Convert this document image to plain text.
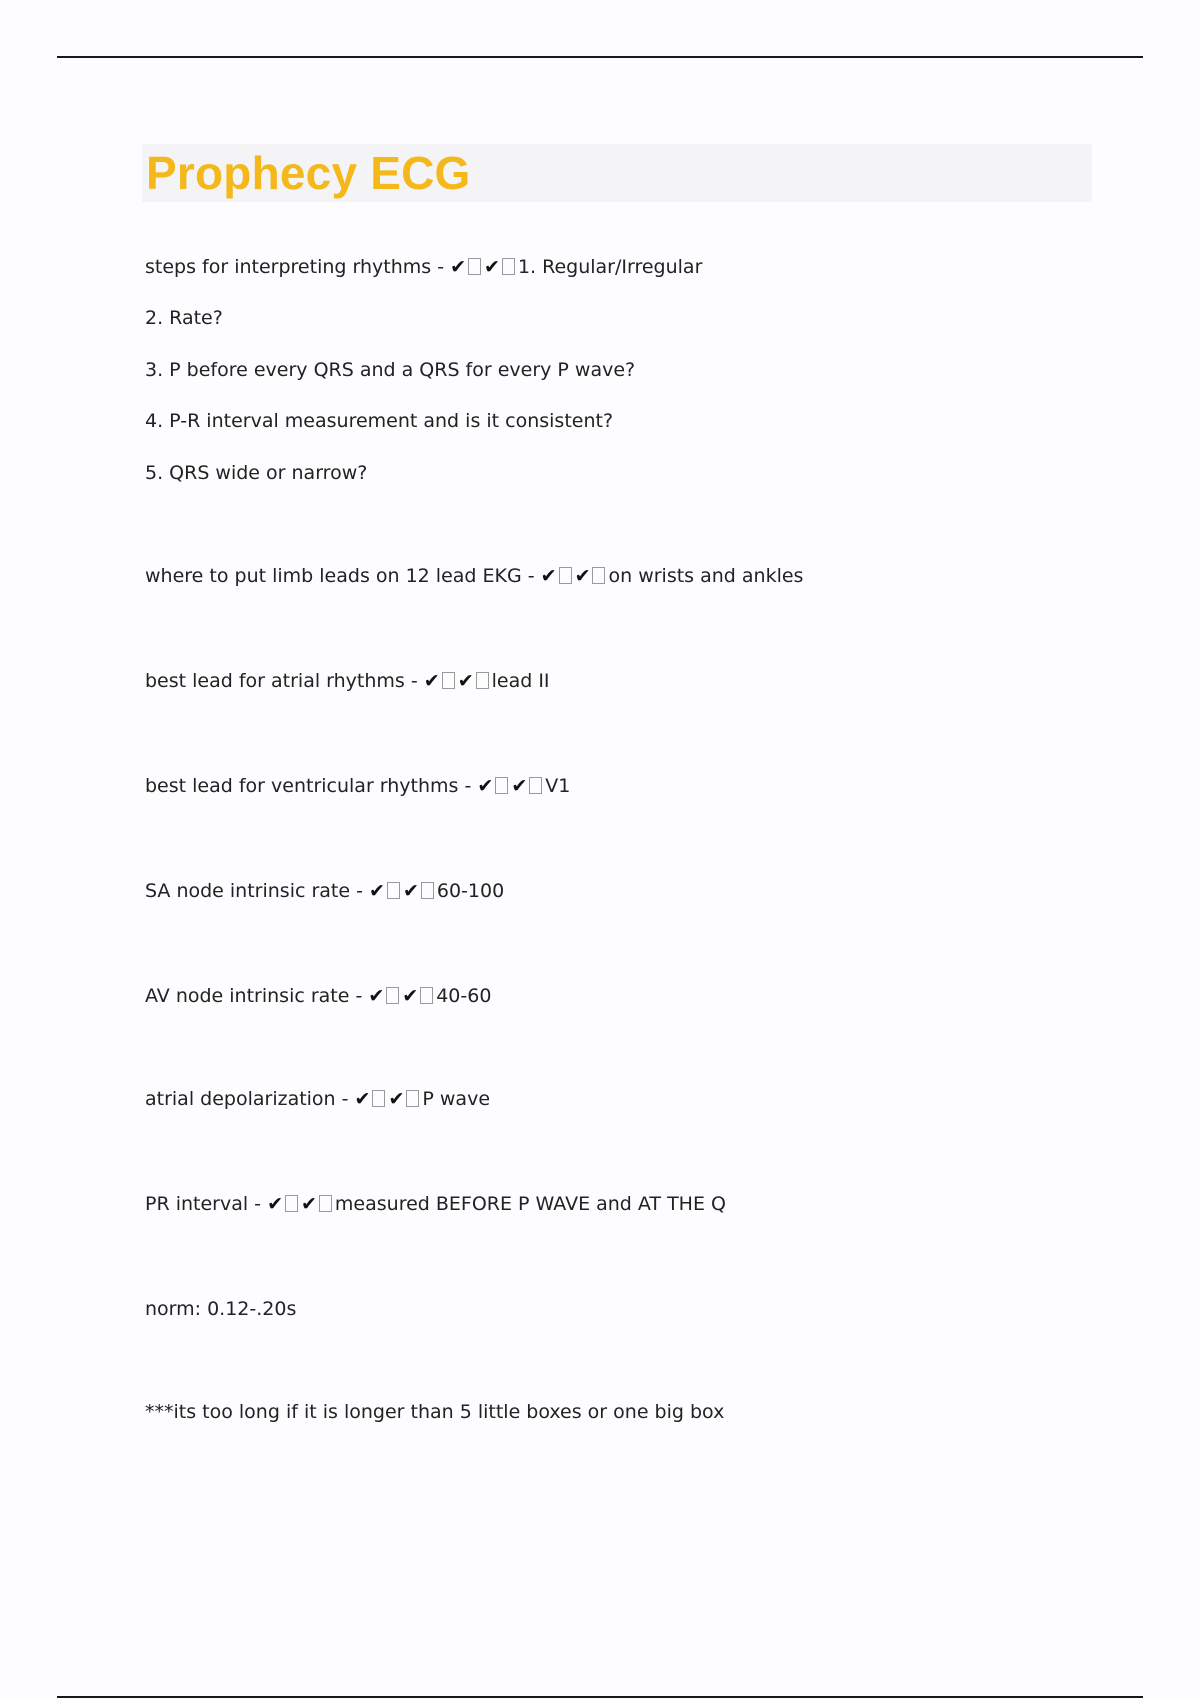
Prophecy ECG
steps for interpreting rhythms - ✔ ✔ 1. Regular/Irregular
2. Rate?
3. P before every QRS and a QRS for every P wave?
4. P-R interval measurement and is it consistent?
5. QRS wide or narrow?
where to put limb leads on 12 lead EKG - ✔ ✔ on wrists and ankles
best lead for atrial rhythms - ✔ ✔ lead II
best lead for ventricular rhythms - ✔ ✔ V1
SA node intrinsic rate - ✔ ✔ 60-100
AV node intrinsic rate - ✔ ✔ 40-60
atrial depolarization - ✔ ✔ P wave
PR interval - ✔ ✔ measured BEFORE P WAVE and AT THE Q
norm: 0.12-.20s
***its too long if it is longer than 5 little boxes or one big box
